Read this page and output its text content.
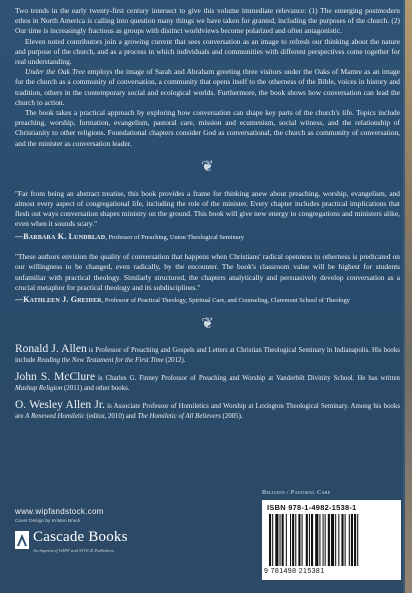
Two trends in the early twenty-first century intersect to give this volume immediate relevance: (1) The emerging postmodern ethos in North America is calling into question many things we have taken for granted, including the purposes of the church. (2) Our time is increasingly fractious as groups with distinct worldviews become polarized and often antagonistic.

Eleven noted contributors join a growing current that sees conversation as an image to refresh our thinking about the nature and purpose of the church, and as a process in which individuals and communities with different perspectives come together for real understanding.

Under the Oak Tree employs the image of Sarah and Abraham greeting three visitors under the Oaks of Mamre as an image for the church as a community of conversation, a community that opens itself to the otherness of the Bible, voices in history and tradition, others in the contemporary social and ecological worlds. Furthermore, the book shows how conversation can lead the church to action.

The book takes a practical approach by exploring how conversation can shape key parts of the church's life. Topics include preaching, worship, formation, evangelism, pastoral care, mission and ecumenism, social witness, and the relationship of Christianity to other religions. Foundational chapters consider God as conversational, the church as community of conversation, and the minister as conversation leader.

❦

"Far from being an abstract treatise, this book provides a frame for thinking anew about preaching, worship, evangelism, and almost every aspect of congregational life, including the role of the minister. Every chapter includes practical implications that flesh out ways conversation shapes ministry on the ground. This book will give new energy to congregations and ministers alike, even when it sounds scary."

—Barbara K. Lundblad, Professor of Preaching, Union Theological Seminary

"These authors envision the quality of conversation that happens when Christians' radical openness to otherness is predicated on our willingness to be changed, even radically, by the encounter. The book's classroom value will be highest for students unfamiliar with practical theology. Similarly structured, the chapters analytically and persuasively develop conversation as a crucial metaphor for practical theology and its subdisciplines."

—Kathleen J. Greider, Professor of Practical Theology, Spiritual Care, and Counseling, Claremont School of Theology

❦

Ronald J. Allen is Professor of Preaching and Gospels and Letters at Christian Theological Seminary in Indianapolis. His books include Reading the New Testament for the First Time (2012).

John S. McClure is Charles G. Finney Professor of Preaching and Worship at Vanderbilt Divinity School. He has written Mashup Religion (2011) and other books.

O. Wesley Allen Jr. is Associate Professor of Homiletics and Worship at Lexington Theological Seminary. Among his books are A Renewed Homiletic (editor, 2010) and The Homiletic of All Believers (2005).

Religion / Pastoral Care
www.wipfandstock.com
Cover Design by Kristen Brack
Cascade Books
An Imprint of WIPF and STOCK Publishers
ISBN 978-1-4982-1538-1
9 781498 215381
